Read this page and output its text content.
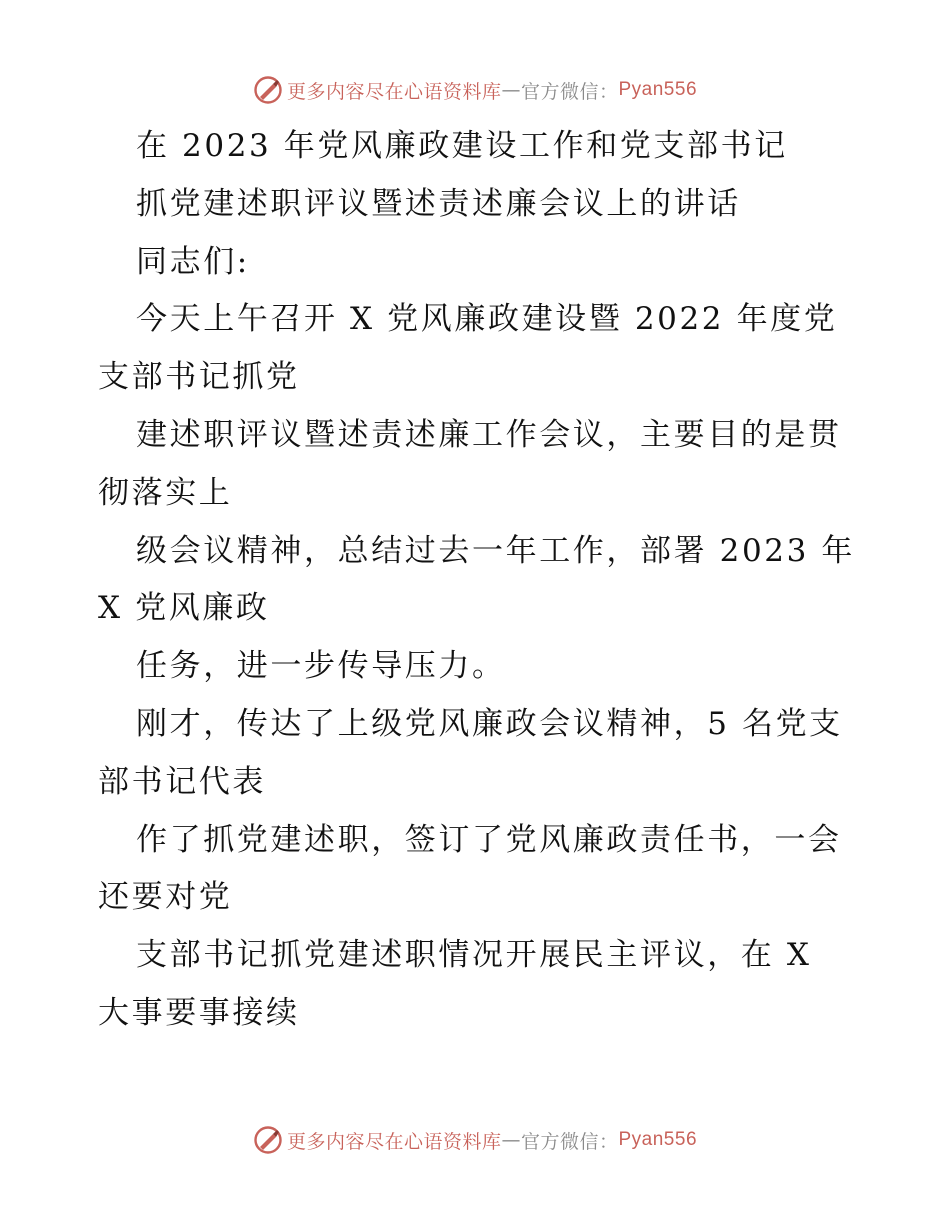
更多内容尽在心语资料库 — 官方微信： Pyan556
在 2023 年党风廉政建设工作和党支部书记
抓党建述职评议暨述责述廉会议上的讲话
同志们:
今天上午召开 X 党风廉政建设暨 2022 年度党
支部书记抓党
建述职评议暨述责述廉工作会议，主要目的是贯
彻落实上
级会议精神，总结过去一年工作，部署 2023 年
X 党风廉政
任务，进一步传导压力。
刚才，传达了上级党风廉政会议精神，5 名党支
部书记代表
作了抓党建述职，签订了党风廉政责任书，一会
还要对党
支部书记抓党建述职情况开展民主评议，在 X
大事要事接续
更多内容尽在心语资料库 — 官方微信： Pyan556
